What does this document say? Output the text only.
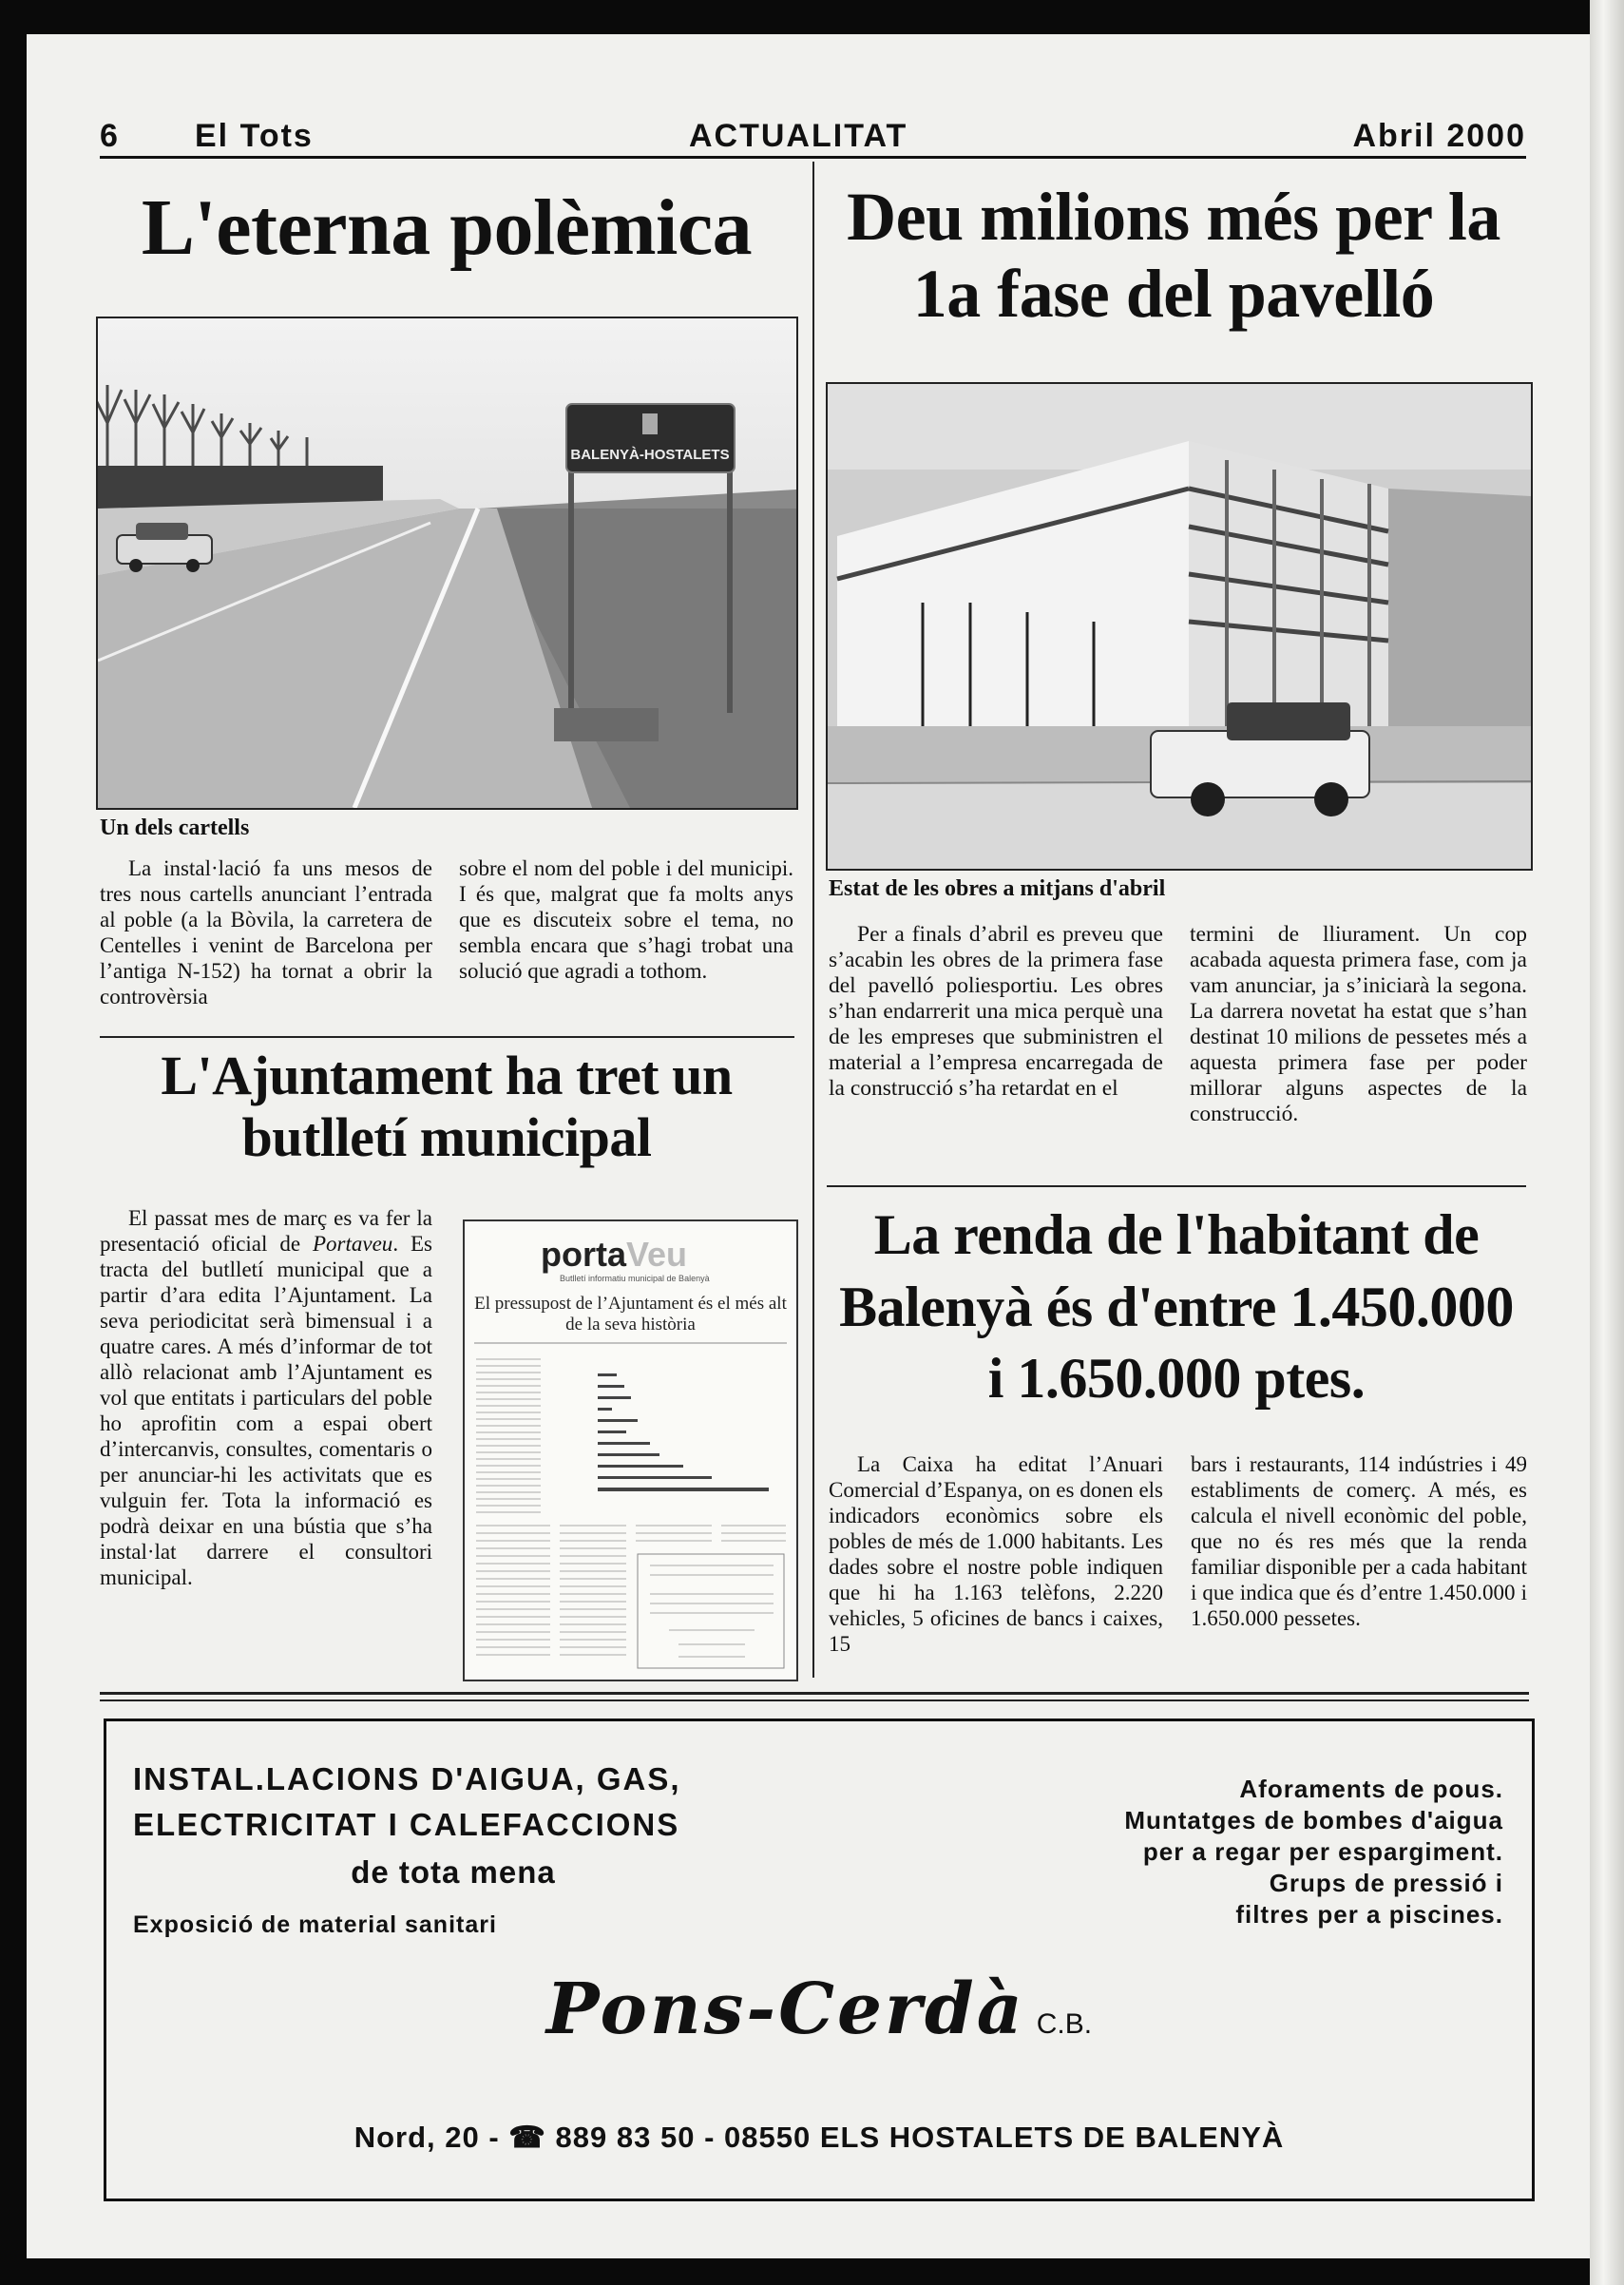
6 El Tots	ACTUALITAT	Abril 2000
L'eterna polèmica
BALENYÀ-HOSTALETS
Un dels cartells

La instal·lació fa uns mesos de tres nous cartells anunciant l’entrada al poble (a la Bòvila, la carretera de Centelles i venint de Barcelona per l’antiga N-152) ha tornat a obrir la controvèrsia

sobre el nom del poble i del municipi. I és que, malgrat que fa molts anys que es discuteix sobre el tema, no sembla encara que s’hagi trobat una solució que agradi a tothom.

L'Ajuntament ha tret un butlletí municipal

El passat mes de març es va fer la presentació oficial de Portaveu. Es tracta del butlletí municipal que a partir d’ara edita l’Ajuntament. La seva periodicitat serà bimensual i a quatre cares. A més d’informar de tot allò relacionat amb l’Ajuntament es vol que entitats i particulars del poble ho aprofitin com a espai obert d’intercanvis, consultes, comentaris o per anunciar-hi les activitats que es vulguin fer. Tota la informació es podrà deixar en una bústia que s’ha instal·lat darrere el consultori municipal.

portaVeu
Butlletí informatiu municipal de Balenyà
El pressupost de l’Ajuntament és el més alt de la seva història
Deu milions més per la 1a fase del pavelló
Estat de les obres a mitjans d'abril

Per a finals d’abril es preveu que s’acabin les obres de la primera fase del pavelló poliesportiu. Les obres s’han endarrerit una mica perquè una de les empreses que subministren el material a l’empresa encarregada de la construcció s’ha retardat en el

termini de lliurament. Un cop acabada aquesta primera fase, com ja vam anunciar, ja s’iniciarà la segona. La darrera novetat ha estat que s’han destinat 10 milions de pessetes més a aquesta primera fase per poder millorar alguns aspectes de la construcció.

La renda de l'habitant de Balenyà és d'entre 1.450.000 i 1.650.000 ptes.

La Caixa ha editat l’Anuari Comercial d’Espanya, on es donen els indicadors econòmics sobre els pobles de més de 1.000 habitants. Les dades sobre el nostre poble indiquen que hi ha 1.163 telèfons, 2.220 vehicles, 5 oficines de bancs i caixes, 15

bars i restaurants, 114 indústries i 49 establiments de comerç. A més, es calcula el nivell econòmic del poble, que no és res més que la renda familiar disponible per a cada habitant i que indica que és d’entre 1.450.000 i 1.650.000 pessetes.

INSTAL.LACIONS D'AIGUA, GAS,
ELECTRICITAT I CALEFACCIONS
de tota mena
Exposició de material sanitari
Aforaments de pous.
Muntatges de bombes d'aigua
per a regar per espargiment.
Grups de pressió i
filtres per a piscines.
Pons-Cerdà C.B.
Nord, 20 - ☎ 889 83 50 - 08550 ELS HOSTALETS DE BALENYÀ
